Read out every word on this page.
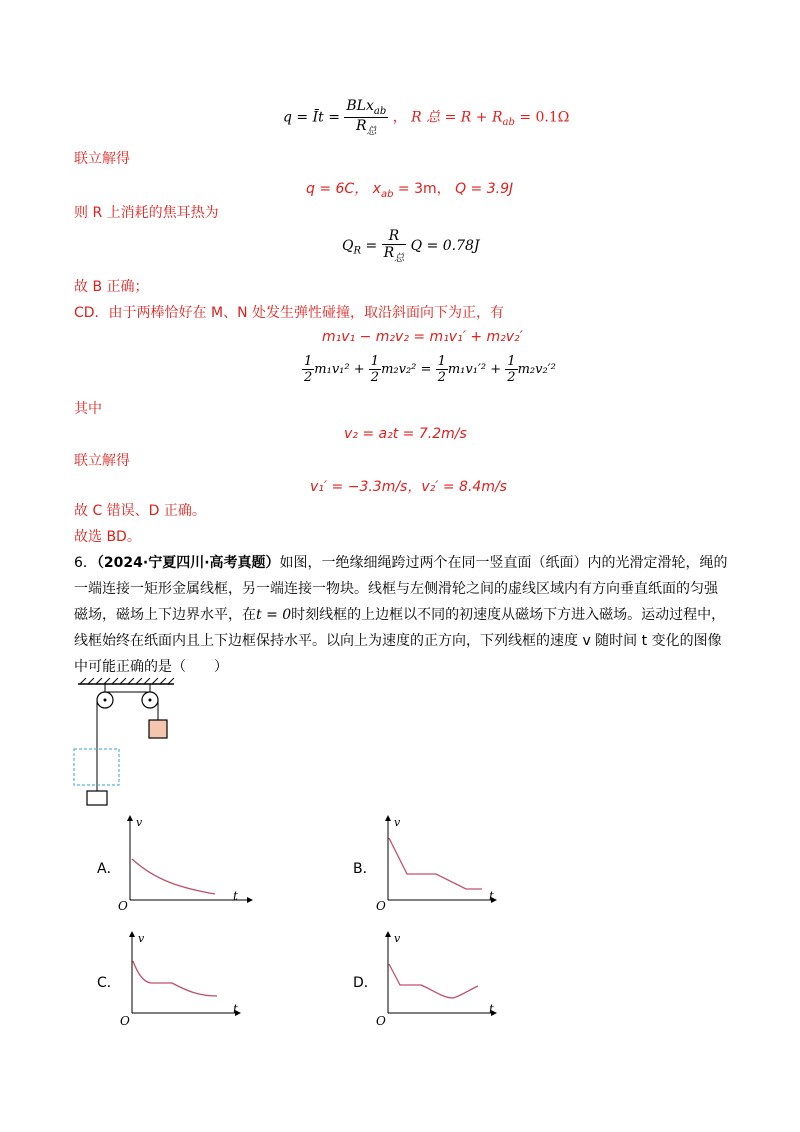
q = Īt = $\frac{BLx_{ab}}{R_总}$ ， R 总 = $R + R_{ab} = 0.1\Omega$
联立解得
q = 6C， $x_{ab} = 3m$， Q = 3.9J
则 R 上消耗的焦耳热为
$Q_R = \frac{R}{R_总}$ Q = 0.78J
故 B 正确；
CD．由于两棒恰好在 M、N 处发生弹性碰撞，取沿斜面向下为正，有
m₁v₁ − m₂v₂ = m₁v₁′ + m₂v₂′
$\frac{1}{2} m_1v_1^2 + \frac{1}{2} m_2v_2^2 = \frac{1}{2} m_1v_1'^2 + \frac{1}{2} m_2v_2'^2$
其中
v₂ = a₂t = 7.2m/s
联立解得
v₁′ = −3.3m/s，v₂′ = 8.4m/s
故 C 错误、D 正确。
故选 BD。
6．（2024·宁夏四川·高考真题）如图，一绝缘细绳跨过两个在同一竖直面（纸面）内的光滑定滑轮，绳的
一端连接一矩形金属线框，另一端连接一物块。线框与左侧滑轮之间的虚线区域内有方向垂直纸面的匀强
磁场，磁场上下边界水平，在t = 0时刻线框的上边框以不同的初速度从磁场下方进入磁场。运动过程中，
线框始终在纸面内且上下边框保持水平。以向上为速度的正方向，下列线框的速度 v 随时间 t 变化的图像
中可能正确的是（　　）
A．
v
t
O
B．
v
t
O
C．
v
t
O
D．
v
t
O
